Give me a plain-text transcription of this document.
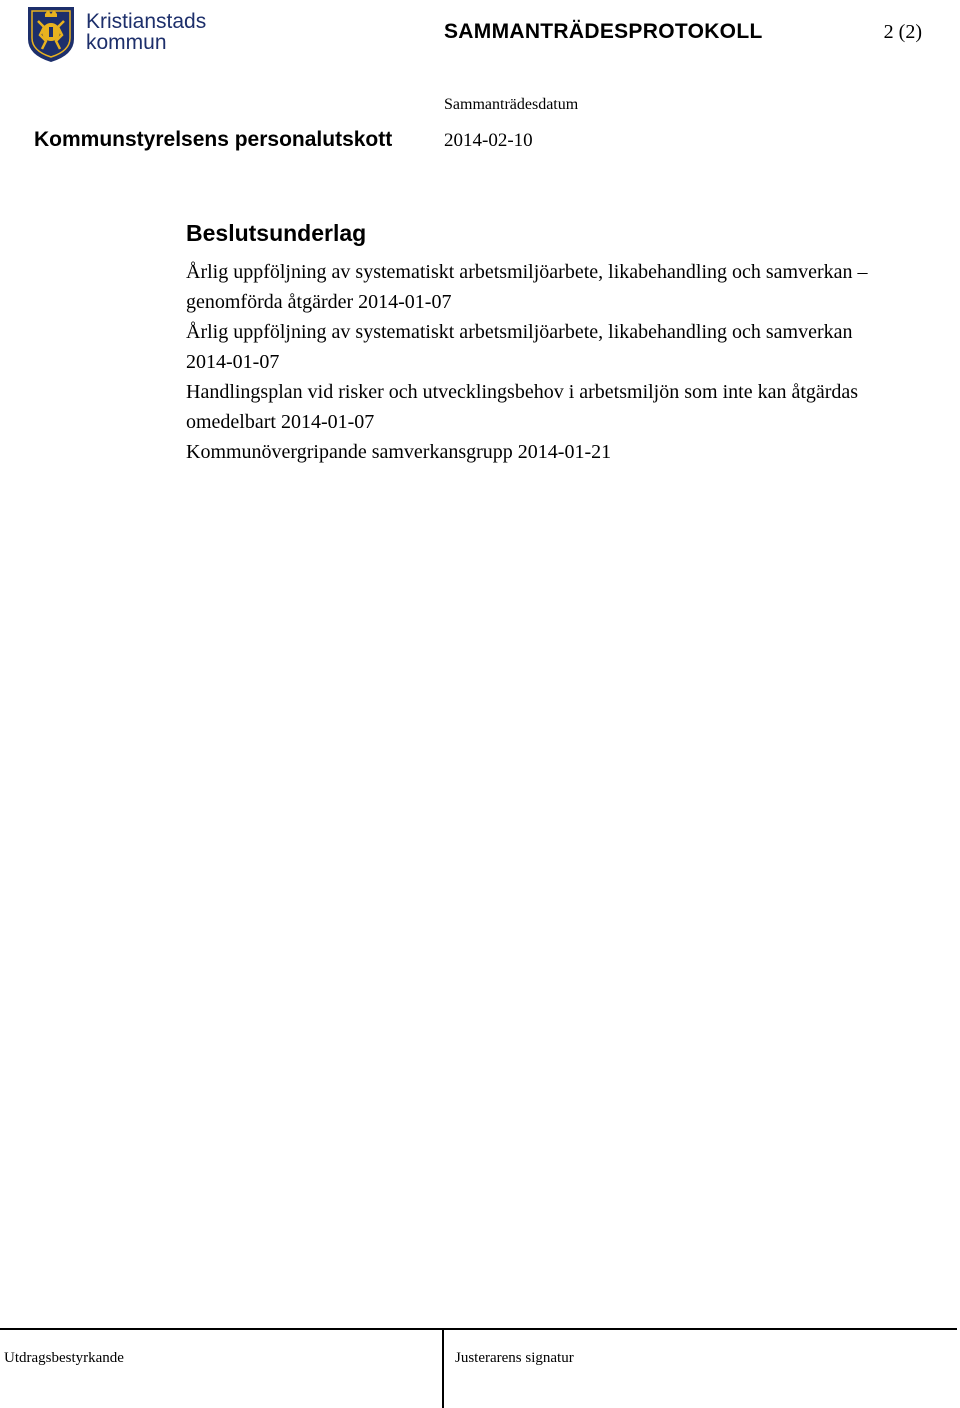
Kristianstads
kommun	SAMMANTRÄDESPROTOKOLL	2 (2)
Sammanträdesdatum
Kommunstyrelsens personalutskott	2014-02-10
Beslutsunderlag
Årlig uppföljning av systematiskt arbetsmiljöarbete, likabehandling och samverkan – genomförda åtgärder 2014-01-07
Årlig uppföljning av systematiskt arbetsmiljöarbete, likabehandling och samverkan 2014-01-07
Handlingsplan vid risker och utvecklingsbehov i arbetsmiljön som inte kan åtgärdas omedelbart 2014-01-07
Kommunövergripande samverkansgrupp 2014-01-21
Utdragsbestyrkande	Justerarens signatur
